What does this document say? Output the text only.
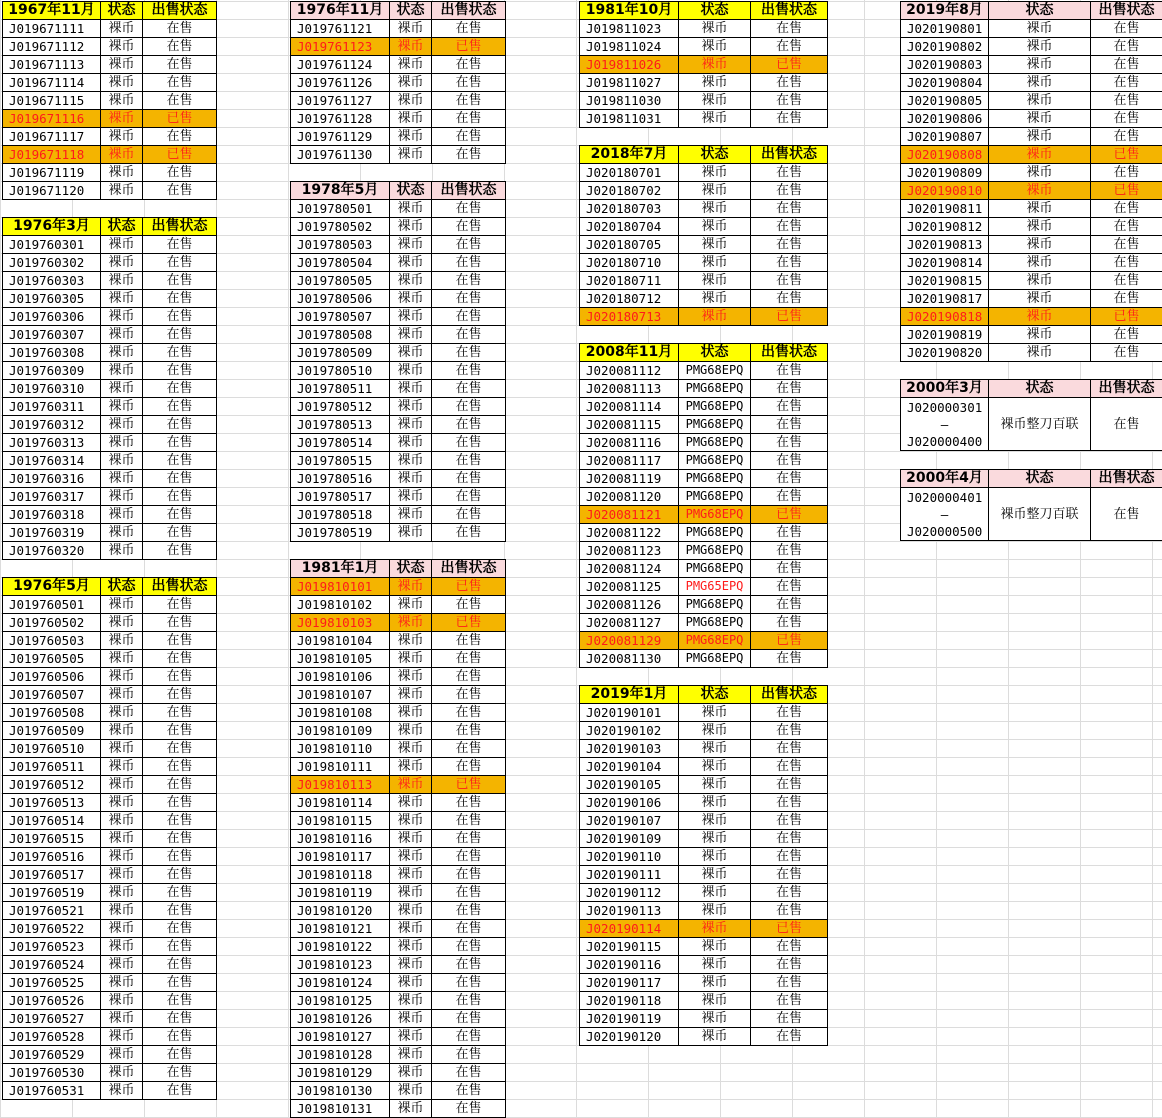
1967年11月	状态	出售状态
J019671111	裸币	在售
J019671112	裸币	在售
J019671113	裸币	在售
J019671114	裸币	在售
J019671115	裸币	在售
J019671116	裸币	已售
J019671117	裸币	在售
J019671118	裸币	已售
J019671119	裸币	在售
J019671120	裸币	在售
1976年3月	状态	出售状态
J019760301	裸币	在售
J019760302	裸币	在售
J019760303	裸币	在售
J019760305	裸币	在售
J019760306	裸币	在售
J019760307	裸币	在售
J019760308	裸币	在售
J019760309	裸币	在售
J019760310	裸币	在售
J019760311	裸币	在售
J019760312	裸币	在售
J019760313	裸币	在售
J019760314	裸币	在售
J019760316	裸币	在售
J019760317	裸币	在售
J019760318	裸币	在售
J019760319	裸币	在售
J019760320	裸币	在售
1976年5月	状态	出售状态
J019760501	裸币	在售
J019760502	裸币	在售
J019760503	裸币	在售
J019760505	裸币	在售
J019760506	裸币	在售
J019760507	裸币	在售
J019760508	裸币	在售
J019760509	裸币	在售
J019760510	裸币	在售
J019760511	裸币	在售
J019760512	裸币	在售
J019760513	裸币	在售
J019760514	裸币	在售
J019760515	裸币	在售
J019760516	裸币	在售
J019760517	裸币	在售
J019760519	裸币	在售
J019760521	裸币	在售
J019760522	裸币	在售
J019760523	裸币	在售
J019760524	裸币	在售
J019760525	裸币	在售
J019760526	裸币	在售
J019760527	裸币	在售
J019760528	裸币	在售
J019760529	裸币	在售
J019760530	裸币	在售
J019760531	裸币	在售
1976年11月	状态	出售状态
J019761121	裸币	在售
J019761123	裸币	已售
J019761124	裸币	在售
J019761126	裸币	在售
J019761127	裸币	在售
J019761128	裸币	在售
J019761129	裸币	在售
J019761130	裸币	在售
1978年5月	状态	出售状态
J019780501	裸币	在售
J019780502	裸币	在售
J019780503	裸币	在售
J019780504	裸币	在售
J019780505	裸币	在售
J019780506	裸币	在售
J019780507	裸币	在售
J019780508	裸币	在售
J019780509	裸币	在售
J019780510	裸币	在售
J019780511	裸币	在售
J019780512	裸币	在售
J019780513	裸币	在售
J019780514	裸币	在售
J019780515	裸币	在售
J019780516	裸币	在售
J019780517	裸币	在售
J019780518	裸币	在售
J019780519	裸币	在售
1981年1月	状态	出售状态
J019810101	裸币	已售
J019810102	裸币	在售
J019810103	裸币	已售
J019810104	裸币	在售
J019810105	裸币	在售
J019810106	裸币	在售
J019810107	裸币	在售
J019810108	裸币	在售
J019810109	裸币	在售
J019810110	裸币	在售
J019810111	裸币	在售
J019810113	裸币	已售
J019810114	裸币	在售
J019810115	裸币	在售
J019810116	裸币	在售
J019810117	裸币	在售
J019810118	裸币	在售
J019810119	裸币	在售
J019810120	裸币	在售
J019810121	裸币	在售
J019810122	裸币	在售
J019810123	裸币	在售
J019810124	裸币	在售
J019810125	裸币	在售
J019810126	裸币	在售
J019810127	裸币	在售
J019810128	裸币	在售
J019810129	裸币	在售
J019810130	裸币	在售
J019810131	裸币	在售
1981年10月	状态	出售状态
J019811023	裸币	在售
J019811024	裸币	在售
J019811026	裸币	已售
J019811027	裸币	在售
J019811030	裸币	在售
J019811031	裸币	在售
2018年7月	状态	出售状态
J020180701	裸币	在售
J020180702	裸币	在售
J020180703	裸币	在售
J020180704	裸币	在售
J020180705	裸币	在售
J020180710	裸币	在售
J020180711	裸币	在售
J020180712	裸币	在售
J020180713	裸币	已售
2008年11月	状态	出售状态
J020081112	PMG68EPQ	在售
J020081113	PMG68EPQ	在售
J020081114	PMG68EPQ	在售
J020081115	PMG68EPQ	在售
J020081116	PMG68EPQ	在售
J020081117	PMG68EPQ	在售
J020081119	PMG68EPQ	在售
J020081120	PMG68EPQ	在售
J020081121	PMG68EPQ	已售
J020081122	PMG68EPQ	在售
J020081123	PMG68EPQ	在售
J020081124	PMG68EPQ	在售
J020081125	PMG65EPQ	在售
J020081126	PMG68EPQ	在售
J020081127	PMG68EPQ	在售
J020081129	PMG68EPQ	已售
J020081130	PMG68EPQ	在售
2019年1月	状态	出售状态
J020190101	裸币	在售
J020190102	裸币	在售
J020190103	裸币	在售
J020190104	裸币	在售
J020190105	裸币	在售
J020190106	裸币	在售
J020190107	裸币	在售
J020190109	裸币	在售
J020190110	裸币	在售
J020190111	裸币	在售
J020190112	裸币	在售
J020190113	裸币	在售
J020190114	裸币	已售
J020190115	裸币	在售
J020190116	裸币	在售
J020190117	裸币	在售
J020190118	裸币	在售
J020190119	裸币	在售
J020190120	裸币	在售
2019年8月	状态	出售状态
J020190801	裸币	在售
J020190802	裸币	在售
J020190803	裸币	在售
J020190804	裸币	在售
J020190805	裸币	在售
J020190806	裸币	在售
J020190807	裸币	在售
J020190808	裸币	已售
J020190809	裸币	在售
J020190810	裸币	已售
J020190811	裸币	在售
J020190812	裸币	在售
J020190813	裸币	在售
J020190814	裸币	在售
J020190815	裸币	在售
J020190817	裸币	在售
J020190818	裸币	已售
J020190819	裸币	在售
J020190820	裸币	在售
2000年3月	状态	出售状态

J020000301
–
J020000400	裸币整刀百联	在售
2000年4月	状态	出售状态

J020000401
–
J020000500	裸币整刀百联	在售
